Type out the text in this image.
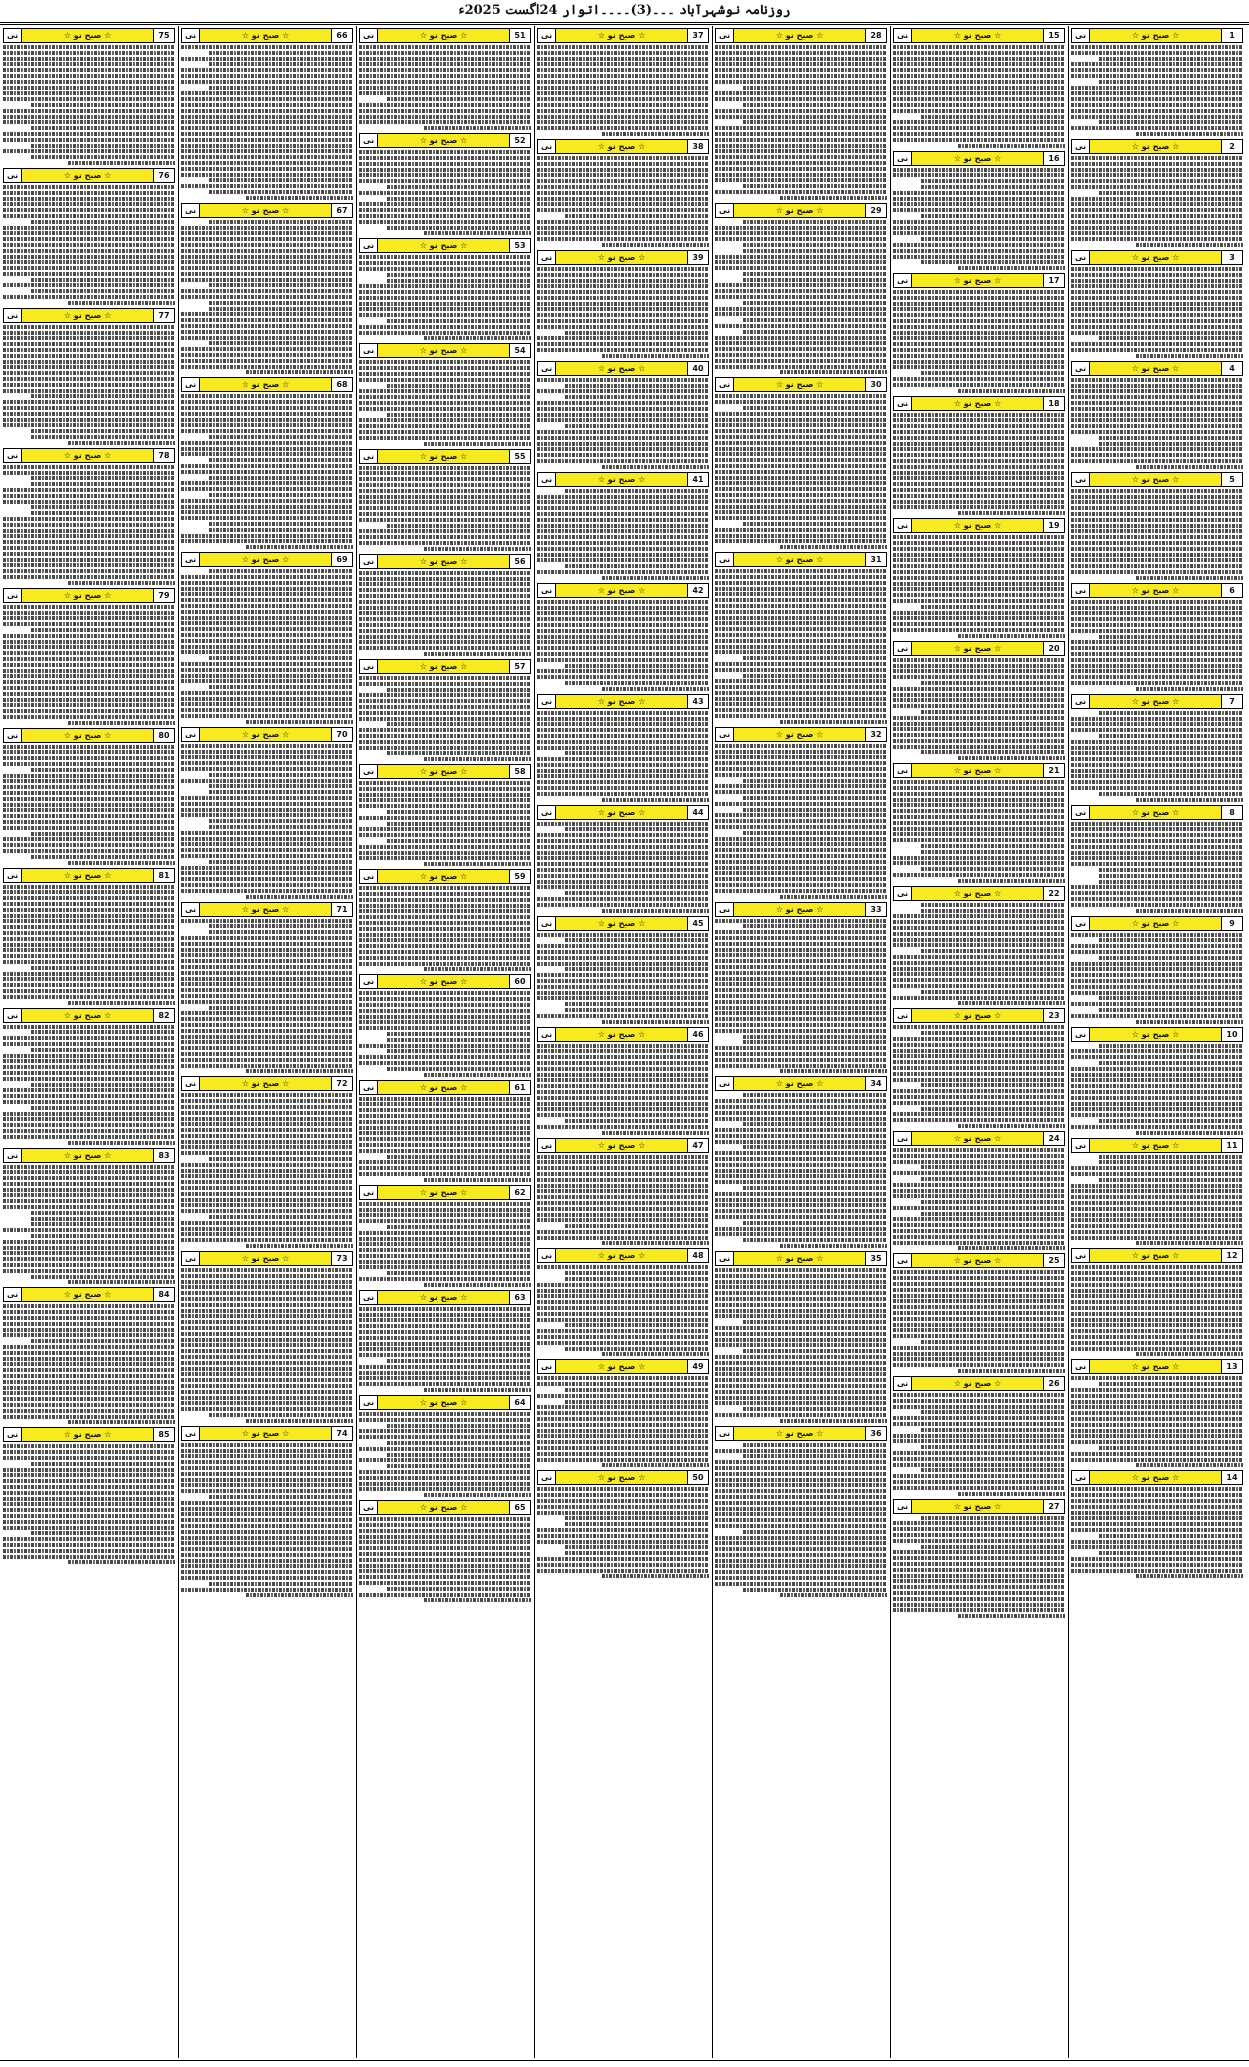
روزنامہ نوشہرآباد ۔۔۔(3)۔۔۔۔اتوار 24اگست 2025ء
1
☆ صبح نو ☆
نی
2
☆ صبح نو ☆
نی
3
☆ صبح نو ☆
نی
4
☆ صبح نو ☆
نی
5
☆ صبح نو ☆
نی
6
☆ صبح نو ☆
نی
7
☆ صبح نو ☆
نی
8
☆ صبح نو ☆
نی
9
☆ صبح نو ☆
نی
10
☆ صبح نو ☆
نی
11
☆ صبح نو ☆
نی
12
☆ صبح نو ☆
نی
13
☆ صبح نو ☆
نی
14
☆ صبح نو ☆
نی
15
☆ صبح نو ☆
نی
16
☆ صبح نو ☆
نی
17
☆ صبح نو ☆
نی
18
☆ صبح نو ☆
نی
19
☆ صبح نو ☆
نی
20
☆ صبح نو ☆
نی
21
☆ صبح نو ☆
نی
22
☆ صبح نو ☆
نی
23
☆ صبح نو ☆
نی
24
☆ صبح نو ☆
نی
25
☆ صبح نو ☆
نی
26
☆ صبح نو ☆
نی
27
☆ صبح نو ☆
نی
28
☆ صبح نو ☆
نی
29
☆ صبح نو ☆
نی
30
☆ صبح نو ☆
نی
31
☆ صبح نو ☆
نی
32
☆ صبح نو ☆
نی
33
☆ صبح نو ☆
نی
34
☆ صبح نو ☆
نی
35
☆ صبح نو ☆
نی
36
☆ صبح نو ☆
نی
37
☆ صبح نو ☆
نی
38
☆ صبح نو ☆
نی
39
☆ صبح نو ☆
نی
40
☆ صبح نو ☆
نی
41
☆ صبح نو ☆
نی
42
☆ صبح نو ☆
نی
43
☆ صبح نو ☆
نی
44
☆ صبح نو ☆
نی
45
☆ صبح نو ☆
نی
46
☆ صبح نو ☆
نی
47
☆ صبح نو ☆
نی
48
☆ صبح نو ☆
نی
49
☆ صبح نو ☆
نی
50
☆ صبح نو ☆
نی
51
☆ صبح نو ☆
نی
52
☆ صبح نو ☆
نی
53
☆ صبح نو ☆
نی
54
☆ صبح نو ☆
نی
55
☆ صبح نو ☆
نی
56
☆ صبح نو ☆
نی
57
☆ صبح نو ☆
نی
58
☆ صبح نو ☆
نی
59
☆ صبح نو ☆
نی
60
☆ صبح نو ☆
نی
61
☆ صبح نو ☆
نی
62
☆ صبح نو ☆
نی
63
☆ صبح نو ☆
نی
64
☆ صبح نو ☆
نی
65
☆ صبح نو ☆
نی
66
☆ صبح نو ☆
نی
67
☆ صبح نو ☆
نی
68
☆ صبح نو ☆
نی
69
☆ صبح نو ☆
نی
70
☆ صبح نو ☆
نی
71
☆ صبح نو ☆
نی
72
☆ صبح نو ☆
نی
73
☆ صبح نو ☆
نی
74
☆ صبح نو ☆
نی
75
☆ صبح نو ☆
نی
76
☆ صبح نو ☆
نی
77
☆ صبح نو ☆
نی
78
☆ صبح نو ☆
نی
79
☆ صبح نو ☆
نی
80
☆ صبح نو ☆
نی
81
☆ صبح نو ☆
نی
82
☆ صبح نو ☆
نی
83
☆ صبح نو ☆
نی
84
☆ صبح نو ☆
نی
85
☆ صبح نو ☆
نی
